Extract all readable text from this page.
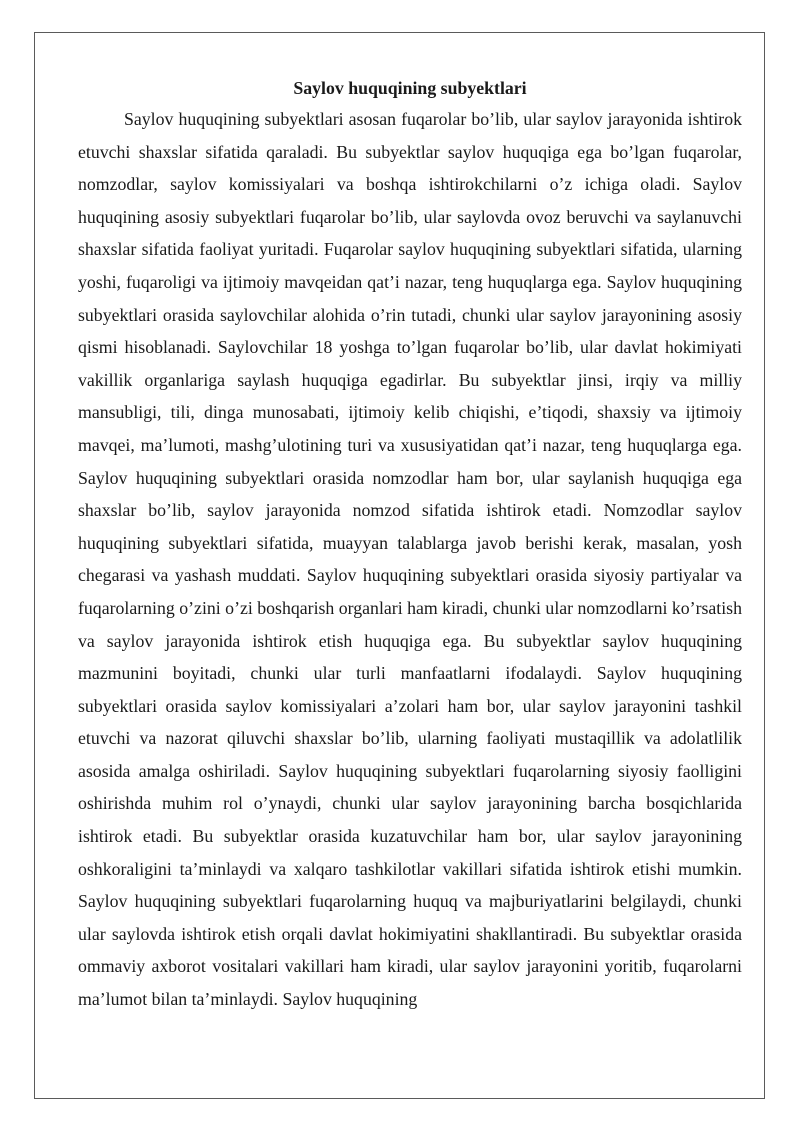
Saylov huquqining subyektlari

Saylov huquqining subyektlari asosan fuqarolar bo’lib, ular saylov jarayonida ishtirok etuvchi shaxslar sifatida qaraladi. Bu subyektlar saylov huquqiga ega bo’lgan fuqarolar, nomzodlar, saylov komissiyalari va boshqa ishtirokchilarni o’z ichiga oladi. Saylov huquqining asosiy subyektlari fuqarolar bo’lib, ular saylovda ovoz beruvchi va saylanuvchi shaxslar sifatida faoliyat yuritadi. Fuqarolar saylov huquqining subyektlari sifatida, ularning yoshi, fuqaroligi va ijtimoiy mavqeidan qat’i nazar, teng huquqlarga ega. Saylov huquqining subyektlari orasida saylovchilar alohida o’rin tutadi, chunki ular saylov jarayonining asosiy qismi hisoblanadi. Saylovchilar 18 yoshga to’lgan fuqarolar bo’lib, ular davlat hokimiyati vakillik organlariga saylash huquqiga egadirlar. Bu subyektlar jinsi, irqiy va milliy mansubligi, tili, dinga munosabati, ijtimoiy kelib chiqishi, e’tiqodi, shaxsiy va ijtimoiy mavqei, ma’lumoti, mashg’ulotining turi va xususiyatidan qat’i nazar, teng huquqlarga ega. Saylov huquqining subyektlari orasida nomzodlar ham bor, ular saylanish huquqiga ega shaxslar bo’lib, saylov jarayonida nomzod sifatida ishtirok etadi. Nomzodlar saylov huquqining subyektlari sifatida, muayyan talablarga javob berishi kerak, masalan, yosh chegarasi va yashash muddati. Saylov huquqining subyektlari orasida siyosiy partiyalar va fuqarolarning o’zini o’zi boshqarish organlari ham kiradi, chunki ular nomzodlarni ko’rsatish va saylov jarayonida ishtirok etish huquqiga ega. Bu subyektlar saylov huquqining mazmunini boyitadi, chunki ular turli manfaatlarni ifodalaydi. Saylov huquqining subyektlari orasida saylov komissiyalari a’zolari ham bor, ular saylov jarayonini tashkil etuvchi va nazorat qiluvchi shaxslar bo’lib, ularning faoliyati mustaqillik va adolatlilik asosida amalga oshiriladi. Saylov huquqining subyektlari fuqarolarning siyosiy faolligini oshirishda muhim rol o’ynaydi, chunki ular saylov jarayonining barcha bosqichlarida ishtirok etadi. Bu subyektlar orasida kuzatuvchilar ham bor, ular saylov jarayonining oshkoraligini ta’minlaydi va xalqaro tashkilotlar vakillari sifatida ishtirok etishi mumkin. Saylov huquqining subyektlari fuqarolarning huquq va majburiyatlarini belgilaydi, chunki ular saylovda ishtirok etish orqali davlat hokimiyatini shakllantiradi. Bu subyektlar orasida ommaviy axborot vositalari vakillari ham kiradi, ular saylov jarayonini yoritib, fuqarolarni ma’lumot bilan ta’minlaydi. Saylov huquqining
